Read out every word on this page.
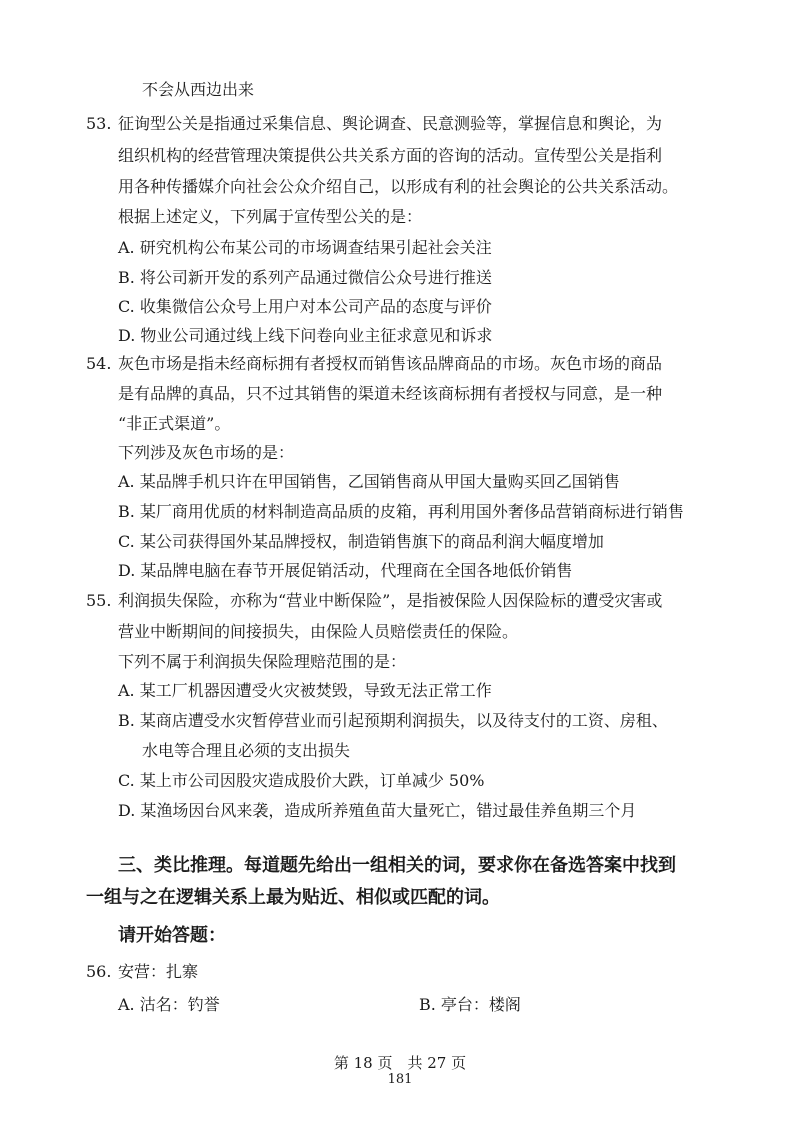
不会从西边出来
53. 征询型公关是指通过采集信息、舆论调查、民意测验等，掌握信息和舆论，为
组织机构的经营管理决策提供公共关系方面的咨询的活动。宣传型公关是指利
用各种传播媒介向社会公众介绍自己，以形成有利的社会舆论的公共关系活动。
根据上述定义，下列属于宣传型公关的是：
A. 研究机构公布某公司的市场调查结果引起社会关注
B. 将公司新开发的系列产品通过微信公众号进行推送
C. 收集微信公众号上用户对本公司产品的态度与评价
D. 物业公司通过线上线下问卷向业主征求意见和诉求
54. 灰色市场是指未经商标拥有者授权而销售该品牌商品的市场。灰色市场的商品
是有品牌的真品，只不过其销售的渠道未经该商标拥有者授权与同意，是一种
“非正式渠道”。
下列涉及灰色市场的是：
A. 某品牌手机只许在甲国销售，乙国销售商从甲国大量购买回乙国销售
B. 某厂商用优质的材料制造高品质的皮箱，再利用国外奢侈品营销商标进行销售
C. 某公司获得国外某品牌授权，制造销售旗下的商品利润大幅度增加
D. 某品牌电脑在春节开展促销活动，代理商在全国各地低价销售
55. 利润损失保险，亦称为“营业中断保险”，是指被保险人因保险标的遭受灾害或
营业中断期间的间接损失，由保险人员赔偿责任的保险。
下列不属于利润损失保险理赔范围的是：
A. 某工厂机器因遭受火灾被焚毁，导致无法正常工作
B. 某商店遭受水灾暂停营业而引起预期利润损失，以及待支付的工资、房租、
水电等合理且必须的支出损失
C. 某上市公司因股灾造成股价大跌，订单减少 50%
D. 某渔场因台风来袭，造成所养殖鱼苗大量死亡，错过最佳养鱼期三个月
三、类比推理。每道题先给出一组相关的词，要求你在备选答案中找到
一组与之在逻辑关系上最为贴近、相似或匹配的词。
请开始答题：
56. 安营：扎寨
A. 沽名：钓誉	B. 亭台：楼阁
第 18 页　共 27 页
181
